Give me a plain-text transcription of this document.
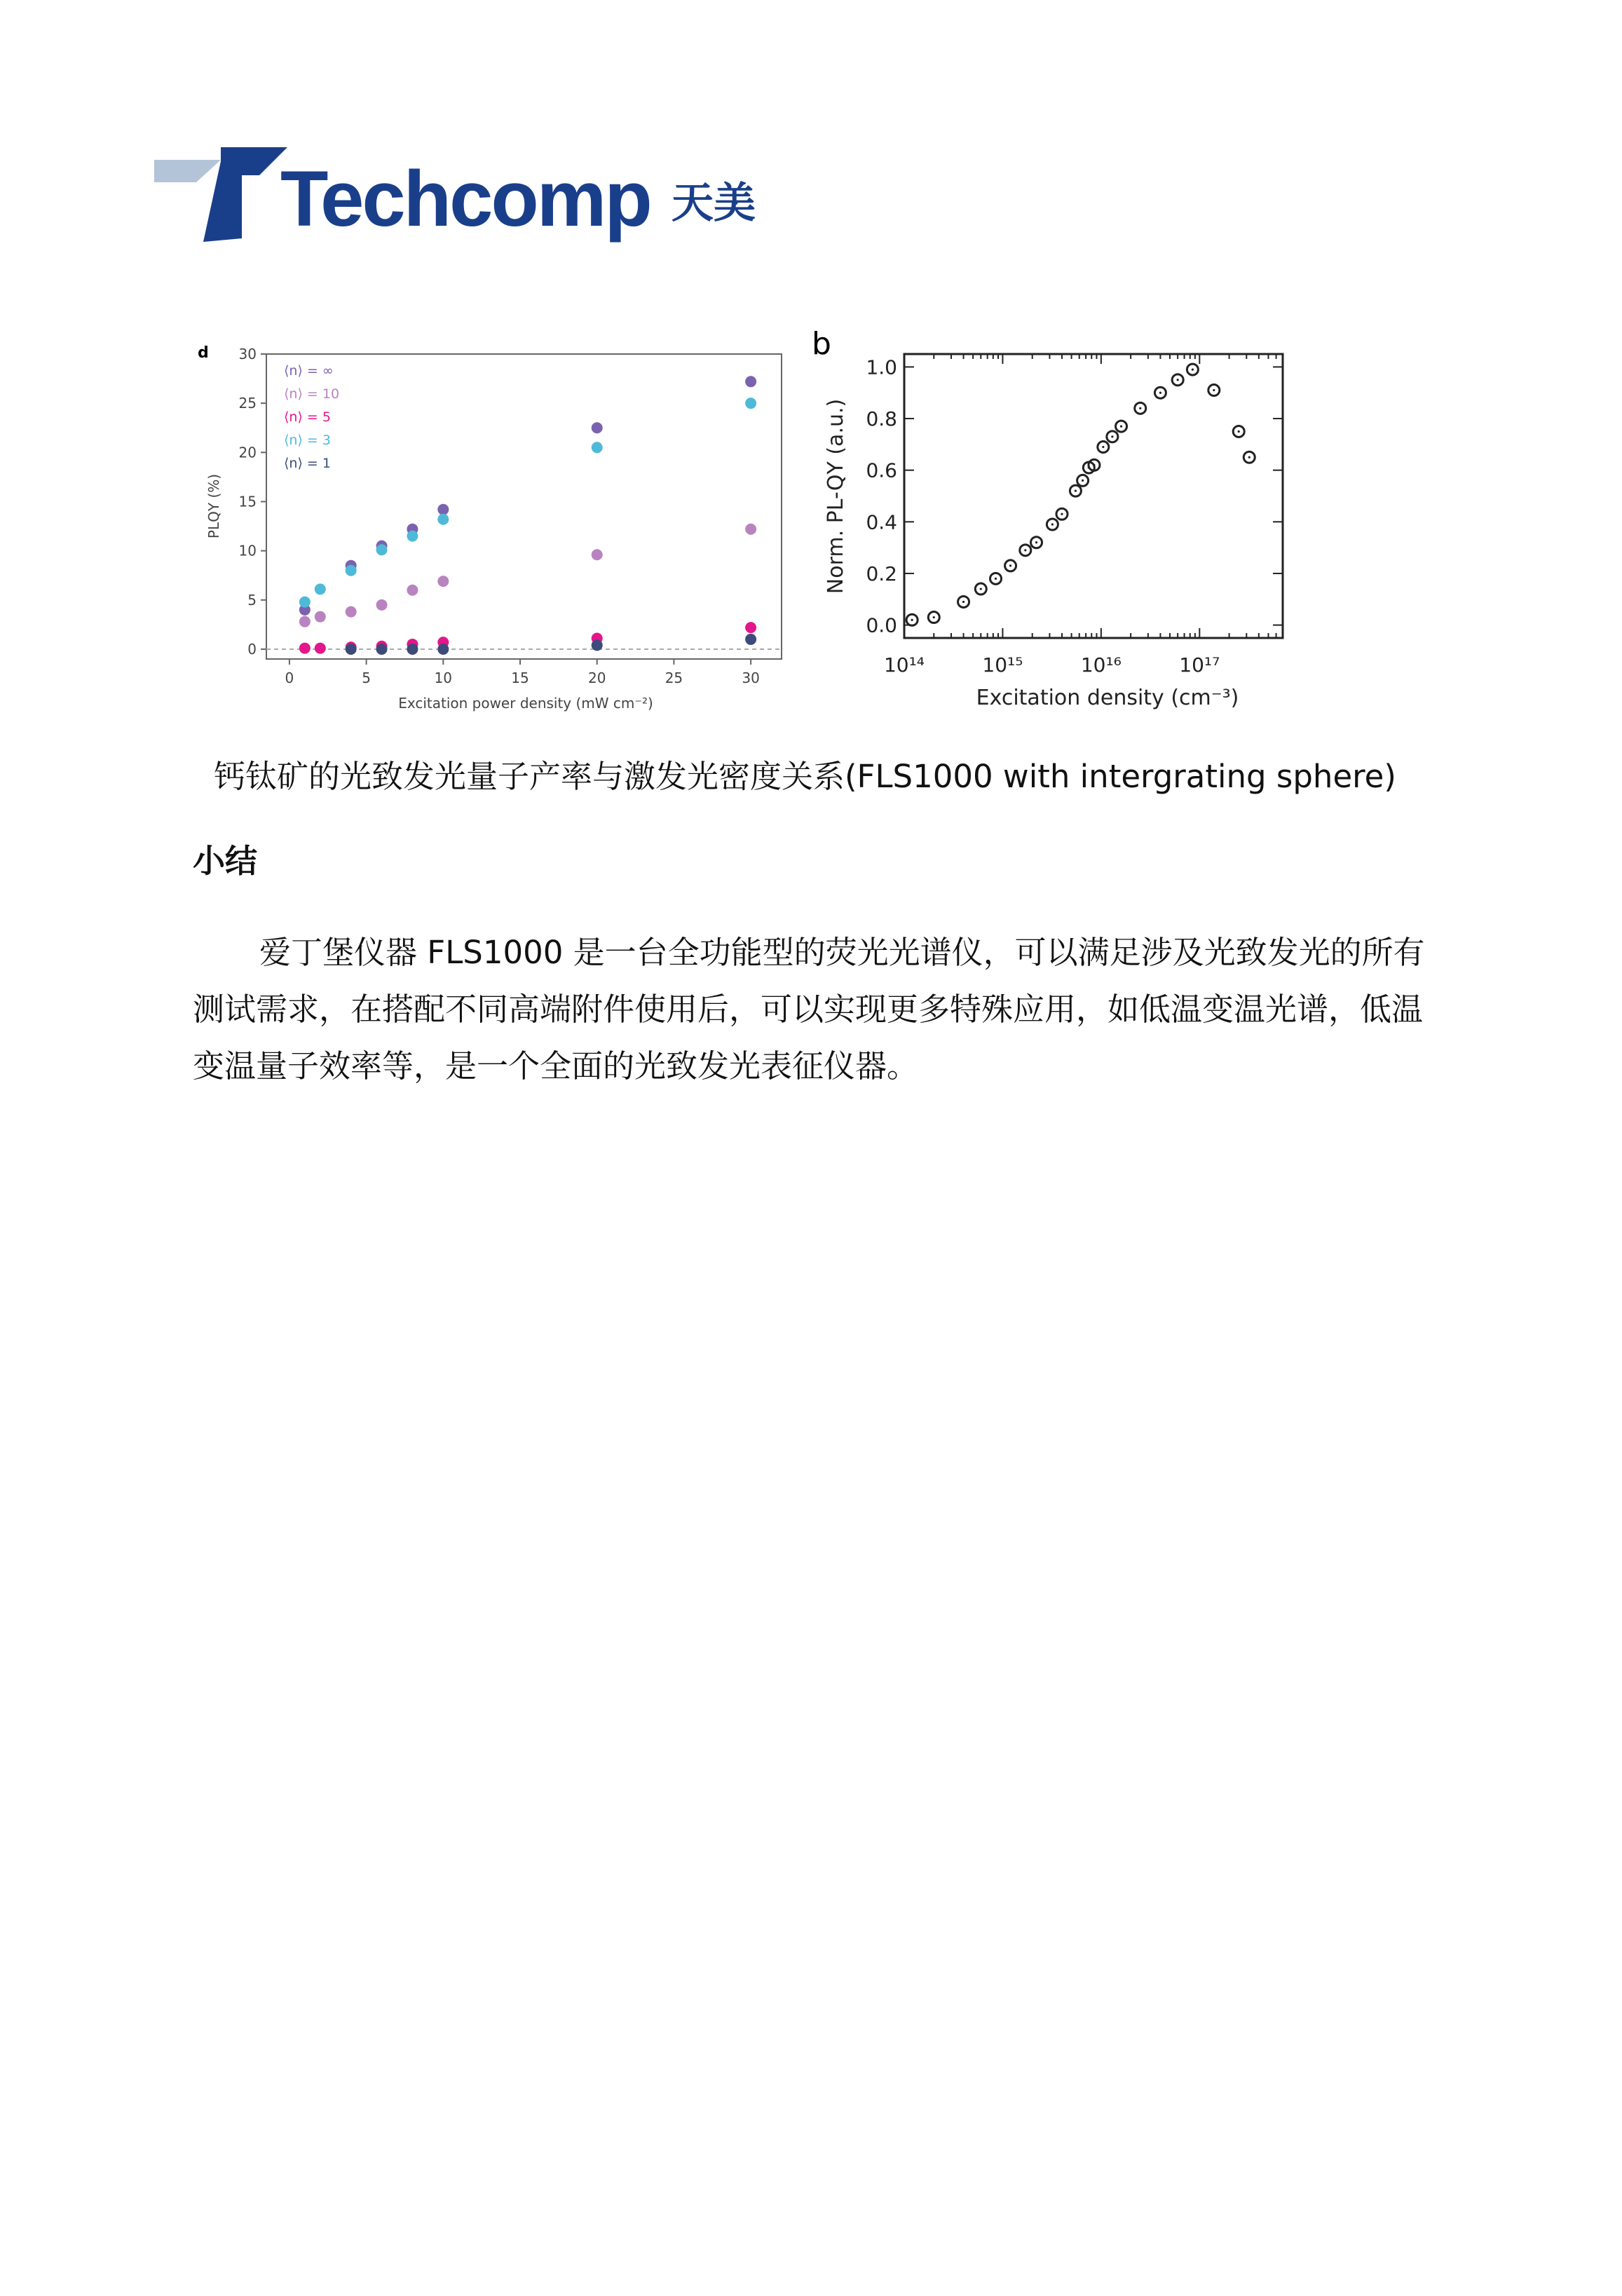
Techcomp 天美
d
0	5	10	15	20	25	30
0
5
10
15
20
25
30
⟨n⟩ = ∞
⟨n⟩ = 10
⟨n⟩ = 5
⟨n⟩ = 3
⟨n⟩ = 1
Excitation power density (mW cm⁻²)
PLQY (%)
b
10¹⁴	10¹⁵	10¹⁶	10¹⁷
0.0
0.2
0.4
0.6
0.8
1.0
Excitation density (cm⁻³)
Norm. PL-QY (a.u.)
钙钛矿的光致发光量子产率与激发光密度关系(FLS1000 with intergrating sphere)
小结
爱丁堡仪器 FLS1000 是一台全功能型的荧光光谱仪，可以满足涉及光致发光的所有测试需求，在搭配不同高端附件使用后，可以实现更多特殊应用，如低温变温光谱，低温变温量子效率等，是一个全面的光致发光表征仪器。
